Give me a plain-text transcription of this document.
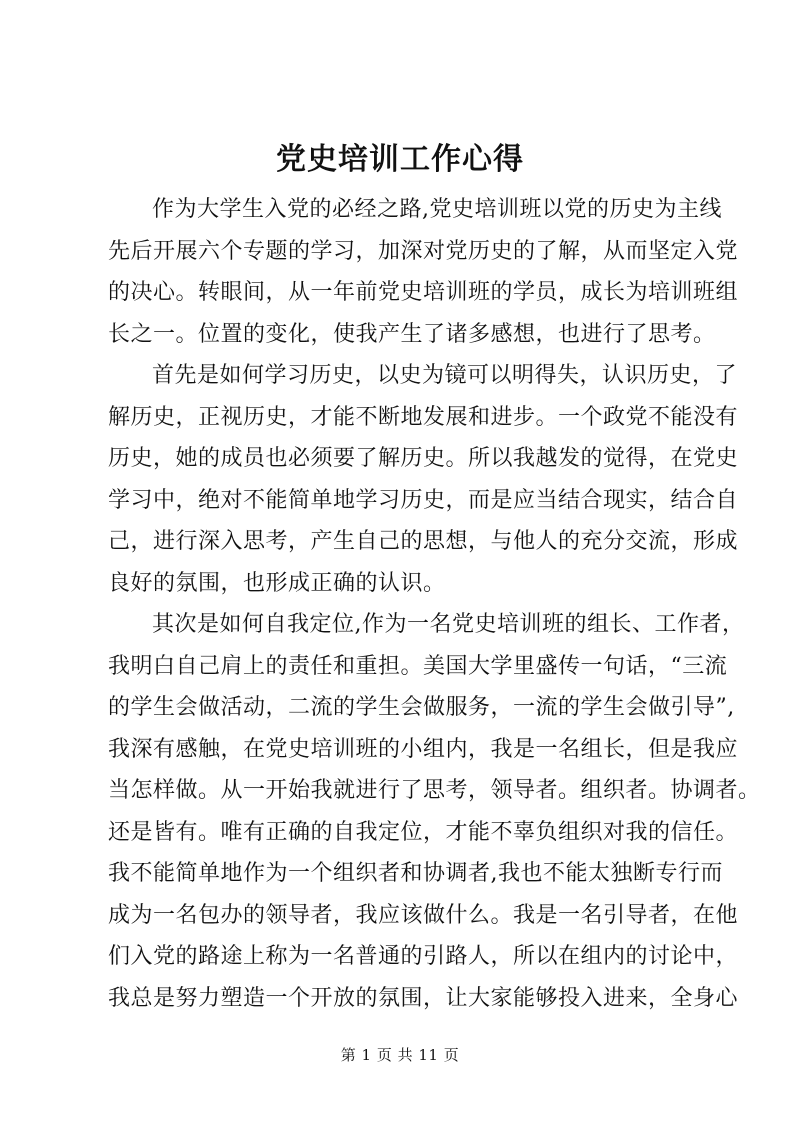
党史培训工作心得
作为大学生入党的必经之路,党史培训班以党的历史为主线
先后开展六个专题的学习，加深对党历史的了解，从而坚定入党
的决心。转眼间，从一年前党史培训班的学员，成长为培训班组
长之一。位置的变化，使我产生了诸多感想，也进行了思考。
首先是如何学习历史，以史为镜可以明得失，认识历史，了
解历史，正视历史，才能不断地发展和进步。一个政党不能没有
历史，她的成员也必须要了解历史。所以我越发的觉得，在党史
学习中，绝对不能简单地学习历史，而是应当结合现实，结合自
己，进行深入思考，产生自己的思想，与他人的充分交流，形成
良好的氛围，也形成正确的认识。
其次是如何自我定位,作为一名党史培训班的组长、工作者，
我明白自己肩上的责任和重担。美国大学里盛传一句话，“三流
的学生会做活动，二流的学生会做服务，一流的学生会做引导”,
我深有感触，在党史培训班的小组内，我是一名组长，但是我应
当怎样做。从一开始我就进行了思考，领导者。组织者。协调者。
还是皆有。唯有正确的自我定位，才能不辜负组织对我的信任。
我不能简单地作为一个组织者和协调者,我也不能太独断专行而
成为一名包办的领导者，我应该做什么。我是一名引导者，在他
们入党的路途上称为一名普通的引路人，所以在组内的讨论中，
我总是努力塑造一个开放的氛围，让大家能够投入进来，全身心
第 1 页 共 11 页
